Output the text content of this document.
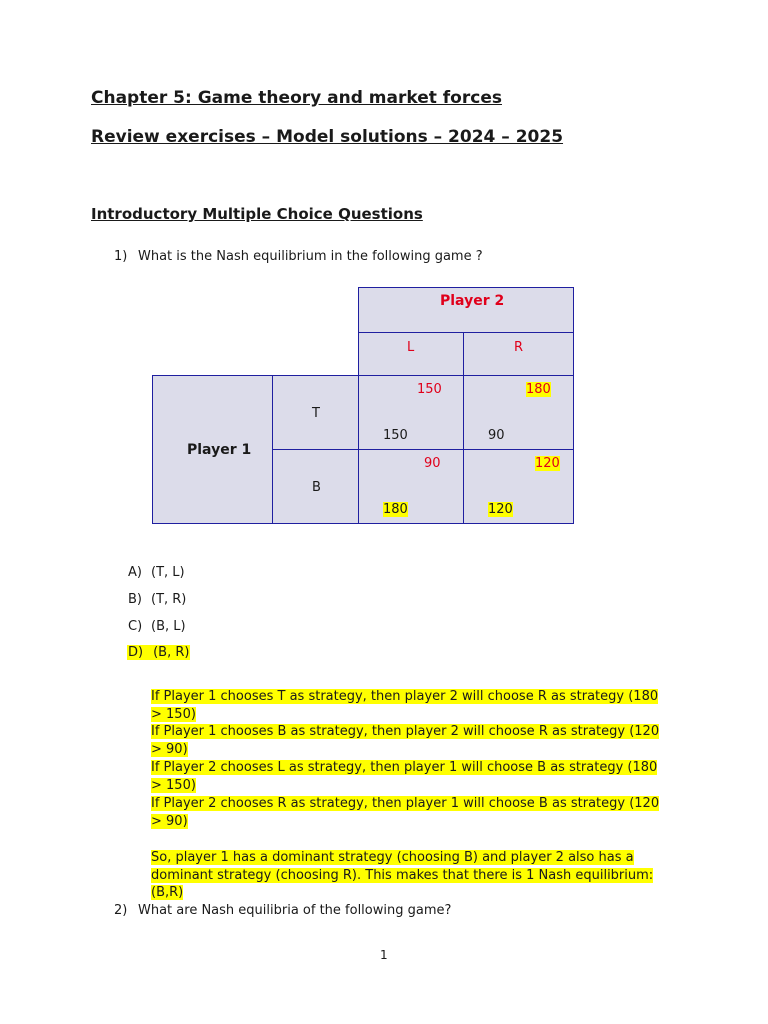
Chapter 5: Game theory and market forces
Review exercises – Model solutions – 2024 – 2025
Introductory Multiple Choice Questions
1) What is the Nash equilibrium in the following game ?
Player 2
L	R
Player 1
T
B
150
150
180
90
90
180
120
120
A) (T, L)
B) (T, R)
C) (B, L)
D) (B, R)
If Player 1 chooses T as strategy, then player 2 will choose R as strategy (180 > 150)
If Player 1 chooses B as strategy, then player 2 will choose R as strategy (120 > 90)
If Player 2 chooses L as strategy, then player 1 will choose B as strategy (180 > 150)
If Player 2 chooses R as strategy, then player 1 will choose B as strategy (120 > 90)
So, player 1 has a dominant strategy (choosing B) and player 2 also has a dominant strategy (choosing R). This makes that there is 1 Nash equilibrium: (B,R)
2) What are Nash equilibria of the following game?
1
